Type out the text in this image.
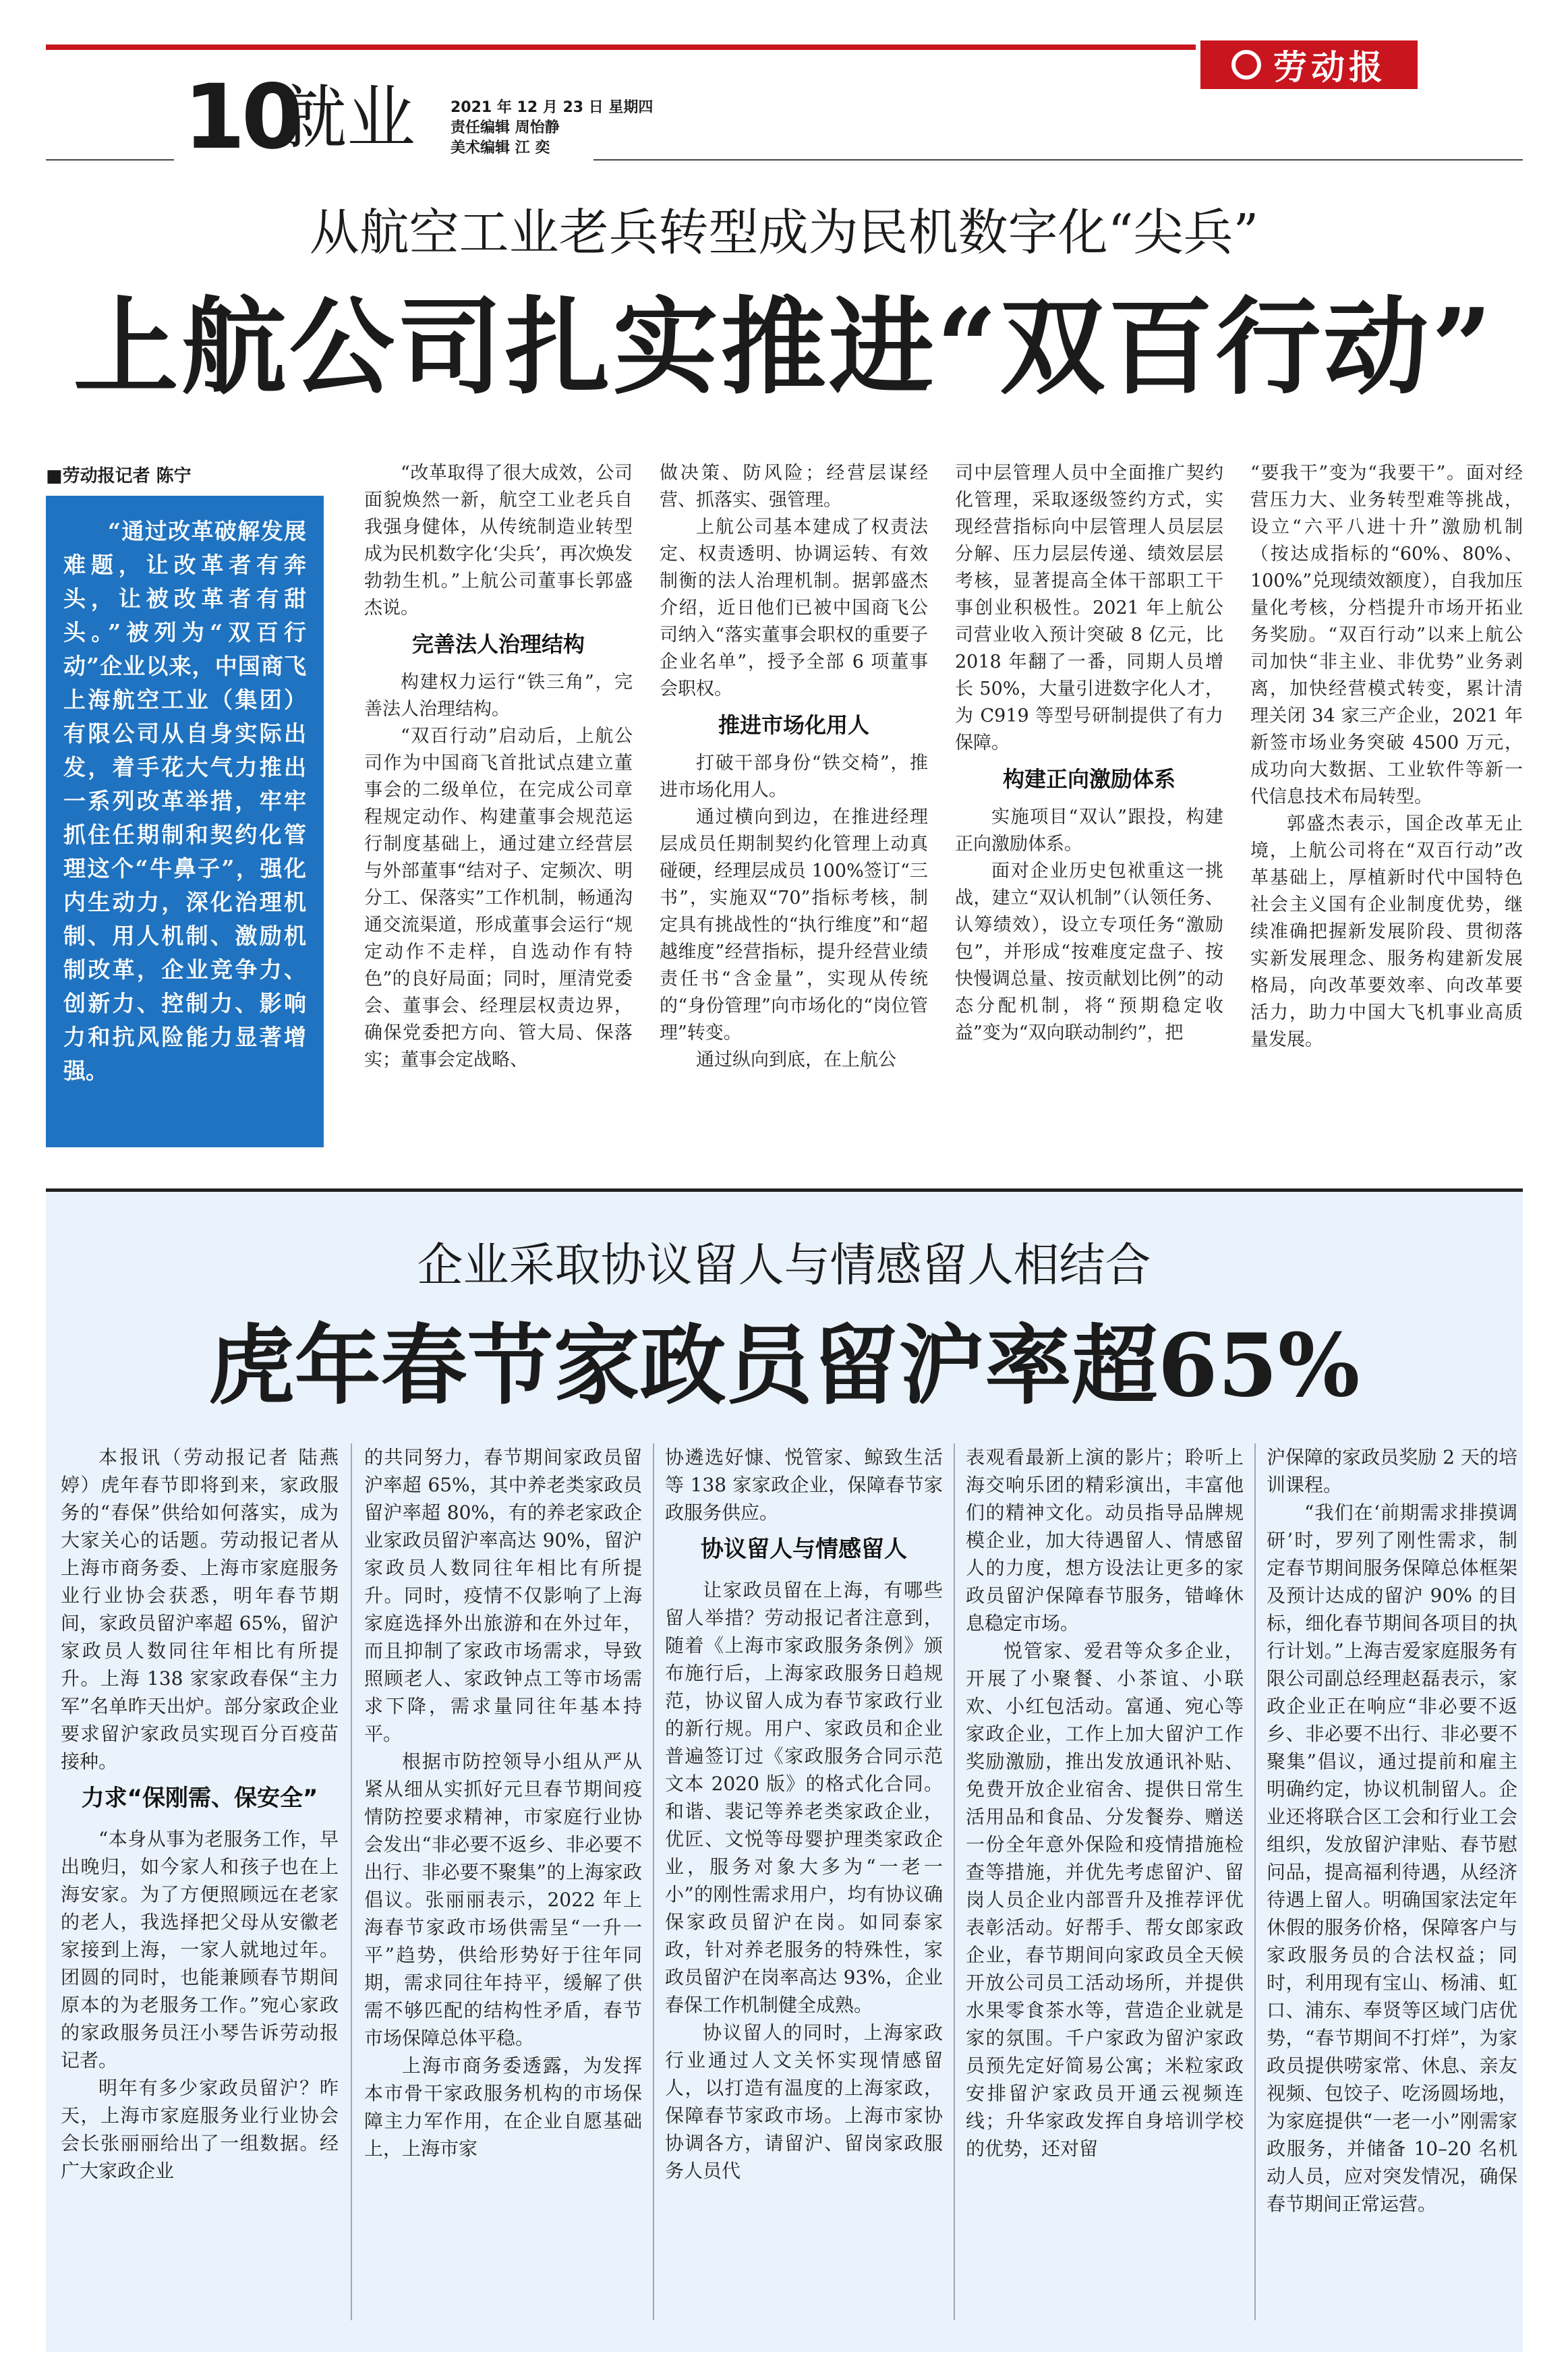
劳动报
10
就业 2021 年 12 月 23 日 星期四
责任编辑 周怡静
美术编辑 江 奕
从航空工业老兵转型成为民机数字化“尖兵”
上航公司扎实推进“双百行动”
■劳动报记者 陈宁
“通过改革破解发展难题，让改革者有奔头，让被改革者有甜头。”被列为“双百行动”企业以来，中国商飞上海航空工业（集团）有限公司从自身实际出发，着手花大气力推出一系列改革举措，牢牢抓住任期制和契约化管理这个“牛鼻子”，强化内生动力，深化治理机制、用人机制、激励机制改革，企业竞争力、创新力、控制力、影响力和抗风险能力显著增强。

“改革取得了很大成效，公司面貌焕然一新，航空工业老兵自我强身健体，从传统制造业转型成为民机数字化‘尖兵’，再次焕发勃勃生机。”上航公司董事长郭盛杰说。

完善法人治理结构

构建权力运行“铁三角”，完善法人治理结构。

“双百行动”启动后，上航公司作为中国商飞首批试点建立董事会的二级单位，在完成公司章程规定动作、构建董事会规范运行制度基础上，通过建立经营层与外部董事“结对子、定频次、明分工、保落实”工作机制，畅通沟通交流渠道，形成董事会运行“规定动作不走样，自选动作有特色”的良好局面；同时，厘清党委会、董事会、经理层权责边界，确保党委把方向、管大局、保落实；董事会定战略、

做决策、防风险；经营层谋经营、抓落实、强管理。

上航公司基本建成了权责法定、权责透明、协调运转、有效制衡的法人治理机制。据郭盛杰介绍，近日他们已被中国商飞公司纳入“落实董事会职权的重要子企业名单”，授予全部 6 项董事会职权。

推进市场化用人

打破干部身份“铁交椅”，推进市场化用人。

通过横向到边，在推进经理层成员任期制契约化管理上动真碰硬，经理层成员 100%签订“三书”，实施双“70”指标考核，制定具有挑战性的“执行维度”和“超越维度”经营指标，提升经营业绩责任书“含金量”，实现从传统的“身份管理”向市场化的“岗位管理”转变。

通过纵向到底，在上航公

司中层管理人员中全面推广契约化管理，采取逐级签约方式，实现经营指标向中层管理人员层层分解、压力层层传递、绩效层层考核，显著提高全体干部职工干事创业积极性。2021 年上航公司营业收入预计突破 8 亿元，比 2018 年翻了一番，同期人员增长 50%，大量引进数字化人才，为 C919 等型号研制提供了有力保障。

构建正向激励体系

实施项目“双认”跟投，构建正向激励体系。

面对企业历史包袱重这一挑战，建立“双认机制”（认领任务、认筹绩效），设立专项任务“激励包”，并形成“按难度定盘子、按快慢调总量、按贡献划比例”的动态分配机制，将“预期稳定收益”变为“双向联动制约”，把

“要我干”变为“我要干”。面对经营压力大、业务转型难等挑战，设立“六平八进十升”激励机制（按达成指标的“60%、80%、100%”兑现绩效额度），自我加压量化考核，分档提升市场开拓业务奖励。“双百行动”以来上航公司加快“非主业、非优势”业务剥离，加快经营模式转变，累计清理关闭 34 家三产企业，2021 年新签市场业务突破 4500 万元，成功向大数据、工业软件等新一代信息技术布局转型。

郭盛杰表示，国企改革无止境，上航公司将在“双百行动”改革基础上，厚植新时代中国特色社会主义国有企业制度优势，继续准确把握新发展阶段、贯彻落实新发展理念、服务构建新发展格局，向改革要效率、向改革要活力，助力中国大飞机事业高质量发展。

企业采取协议留人与情感留人相结合
虎年春节家政员留沪率超65%

本报讯（劳动报记者 陆燕婷）虎年春节即将到来，家政服务的“春保”供给如何落实，成为大家关心的话题。劳动报记者从上海市商务委、上海市家庭服务业行业协会获悉，明年春节期间，家政员留沪率超 65%，留沪家政员人数同往年相比有所提升。上海 138 家家政春保“主力军”名单昨天出炉。部分家政企业要求留沪家政员实现百分百疫苗接种。

力求“保刚需、保安全”

“本身从事为老服务工作，早出晚归，如今家人和孩子也在上海安家。为了方便照顾远在老家的老人，我选择把父母从安徽老家接到上海，一家人就地过年。团圆的同时，也能兼顾春节期间原本的为老服务工作。”宛心家政的家政服务员汪小琴告诉劳动报记者。

明年有多少家政员留沪？昨天，上海市家庭服务业行业协会会长张丽丽给出了一组数据。经广大家政企业

的共同努力，春节期间家政员留沪率超 65%，其中养老类家政员留沪率超 80%，有的养老家政企业家政员留沪率高达 90%，留沪家政员人数同往年相比有所提升。同时，疫情不仅影响了上海家庭选择外出旅游和在外过年，而且抑制了家政市场需求，导致照顾老人、家政钟点工等市场需求下降，需求量同往年基本持平。

根据市防控领导小组从严从紧从细从实抓好元旦春节期间疫情防控要求精神，市家庭行业协会发出“非必要不返乡、非必要不出行、非必要不聚集”的上海家政倡议。张丽丽表示，2022 年上海春节家政市场供需呈“一升一平”趋势，供给形势好于往年同期，需求同往年持平，缓解了供需不够匹配的结构性矛盾，春节市场保障总体平稳。

上海市商务委透露，为发挥本市骨干家政服务机构的市场保障主力军作用，在企业自愿基础上，上海市家

协遴选好慷、悦管家、鲸致生活等 138 家家政企业，保障春节家政服务供应。

协议留人与情感留人

让家政员留在上海，有哪些留人举措？劳动报记者注意到，随着《上海市家政服务条例》颁布施行后，上海家政服务日趋规范，协议留人成为春节家政行业的新行规。用户、家政员和企业普遍签订过《家政服务合同示范文本 2020 版》的格式化合同。和谐、裴记等养老类家政企业，优匠、文悦等母婴护理类家政企业，服务对象大多为“一老一小”的刚性需求用户，均有协议确保家政员留沪在岗。如同泰家政，针对养老服务的特殊性，家政员留沪在岗率高达 93%，企业春保工作机制健全成熟。

协议留人的同时，上海家政行业通过人文关怀实现情感留人，以打造有温度的上海家政，保障春节家政市场。上海市家协协调各方，请留沪、留岗家政服务人员代

表观看最新上演的影片；聆听上海交响乐团的精彩演出，丰富他们的精神文化。动员指导品牌规模企业，加大待遇留人、情感留人的力度，想方设法让更多的家政员留沪保障春节服务，错峰休息稳定市场。

悦管家、爱君等众多企业，开展了小聚餐、小茶谊、小联欢、小红包活动。富通、宛心等家政企业，工作上加大留沪工作奖励激励，推出发放通讯补贴、免费开放企业宿舍、提供日常生活用品和食品、分发餐券、赠送一份全年意外保险和疫情措施检查等措施，并优先考虑留沪、留岗人员企业内部晋升及推荐评优表彰活动。好帮手、帮女郎家政企业，春节期间向家政员全天候开放公司员工活动场所，并提供水果零食茶水等，营造企业就是家的氛围。千户家政为留沪家政员预先定好简易公寓；米粒家政安排留沪家政员开通云视频连线；升华家政发挥自身培训学校的优势，还对留

沪保障的家政员奖励 2 天的培训课程。

“我们在‘前期需求排摸调研’时，罗列了刚性需求，制定春节期间服务保障总体框架及预计达成的留沪 90% 的目标，细化春节期间各项目的执行计划。”上海吉爱家庭服务有限公司副总经理赵磊表示，家政企业正在响应“非必要不返乡、非必要不出行、非必要不聚集”倡议，通过提前和雇主明确约定，协议机制留人。企业还将联合区工会和行业工会组织，发放留沪津贴、春节慰问品，提高福利待遇，从经济待遇上留人。明确国家法定年休假的服务价格，保障客户与家政服务员的合法权益；同时，利用现有宝山、杨浦、虹口、浦东、奉贤等区域门店优势，“春节期间不打烊”，为家政员提供唠家常、休息、亲友视频、包饺子、吃汤圆场地，为家庭提供“一老一小”刚需家政服务，并储备 10–20 名机动人员，应对突发情况，确保春节期间正常运营。
